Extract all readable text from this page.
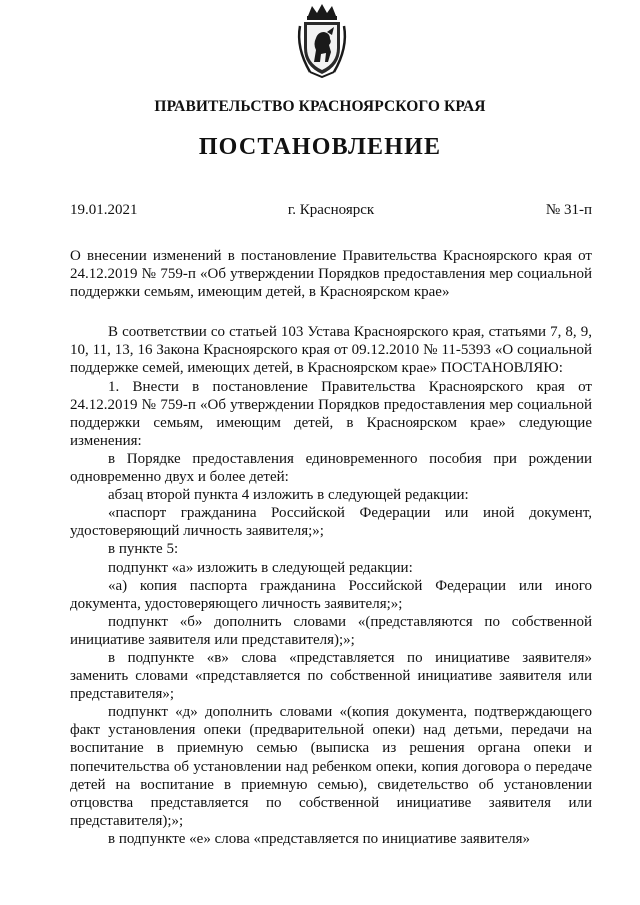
ПРАВИТЕЛЬСТВО КРАСНОЯРСКОГО КРАЯ
ПОСТАНОВЛЕНИЕ
19.01.2021	г. Красноярск	№ 31-п

О внесении изменений в постановление Правительства Красноярского края от 24.12.2019 № 759-п «Об утверждении Порядков предоставления мер социальной поддержки семьям, имеющим детей, в Красноярском крае»

В соответствии со статьей 103 Устава Красноярского края, статьями 7, 8, 9, 10, 11, 13, 16 Закона Красноярского края от 09.12.2010 № 11-5393 «О социальной поддержке семей, имеющих детей, в Красноярском крае» ПОСТАНОВЛЯЮ:

1. Внести в постановление Правительства Красноярского края от 24.12.2019 № 759-п «Об утверждении Порядков предоставления мер социальной поддержки семьям, имеющим детей, в Красноярском крае» следующие изменения:

в Порядке предоставления единовременного пособия при рождении одновременно двух и более детей:

абзац второй пункта 4 изложить в следующей редакции:

«паспорт гражданина Российской Федерации или иной документ, удостоверяющий личность заявителя;»;

в пункте 5:

подпункт «а» изложить в следующей редакции:

«а) копия паспорта гражданина Российской Федерации или иного документа, удостоверяющего личность заявителя;»;

подпункт «б» дополнить словами «(представляются по собственной инициативе заявителя или представителя);»;

в подпункте «в» слова «представляется по инициативе заявителя» заменить словами «представляется по собственной инициативе заявителя или представителя»;

подпункт «д» дополнить словами «(копия документа, подтверждающего факт установления опеки (предварительной опеки) над детьми, передачи на воспитание в приемную семью (выписка из решения органа опеки и попечительства об установлении над ребенком опеки, копия договора о передаче детей на воспитание в приемную семью), свидетельство об установлении отцовства представляется по собственной инициативе заявителя или представителя);»;

в подпункте «е» слова «представляется по инициативе заявителя»
